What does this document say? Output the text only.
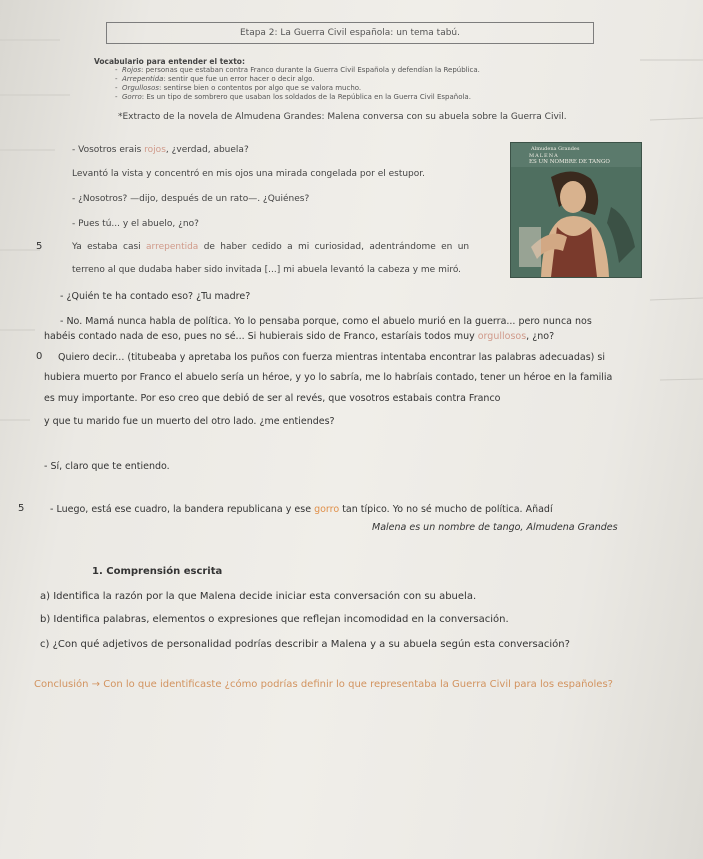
Etapa 2: La Guerra Civil española: un tema tabú.
Vocabulario para entender el texto:
-  Rojos: personas que estaban contra Franco durante la Guerra Civil Española y defendían la República.
-  Arrepentida: sentir que fue un error hacer o decir algo.
-  Orgullosos: sentirse bien o contentos por algo que se valora mucho.
-  Gorro: Es un tipo de sombrero que usaban los soldados de la República en la Guerra Civil Española.
*Extracto de la novela de Almudena Grandes: Malena conversa con su abuela sobre la Guerra Civil.
Almudena Grandes
MALENA
ES UN NOMBRE DE TANGO
- Vosotros erais rojos, ¿verdad, abuela?
Levantó la vista y concentró en mis ojos una mirada congelada por el estupor.
- ¿Nosotros? —dijo, después de un rato—. ¿Quiénes?
- Pues tú... y el abuelo, ¿no?
5	Ya estaba casi arrepentida de haber cedido a mi curiosidad, adentrándome en un
terreno al que dudaba haber sido invitada [...] mi abuela levantó la cabeza y me miró.
- ¿Quién te ha contado eso? ¿Tu madre?
- No. Mamá nunca habla de política. Yo lo pensaba porque, como el abuelo murió en la guerra... pero nunca nos
habéis contado nada de eso, pues no sé... Si hubierais sido de Franco, estaríais todos muy orgullosos, ¿no?
0 Quiero decir... (titubeaba y apretaba los puños con fuerza mientras intentaba encontrar las palabras adecuadas) si
hubiera muerto por Franco el abuelo sería un héroe, y yo lo sabría, me lo habríais contado, tener un héroe en la familia
es muy importante. Por eso creo que debió de ser al revés, que vosotros estabais contra Franco
y que tu marido fue un muerto del otro lado. ¿me entiendes?
- Sí, claro que te entiendo.
5	- Luego, está ese cuadro, la bandera republicana y ese gorro tan típico. Yo no sé mucho de política. Añadí
Malena es un nombre de tango, Almudena Grandes
1. Comprensión escrita
a) Identifica la razón por la que Malena decide iniciar esta conversación con su abuela.
b) Identifica palabras, elementos o expresiones que reflejan incomodidad en la conversación.
c) ¿Con qué adjetivos de personalidad podrías describir a Malena y a su abuela según esta conversación?
Conclusión → Con lo que identificaste ¿cómo podrías definir lo que representaba la Guerra Civil para los españoles?
